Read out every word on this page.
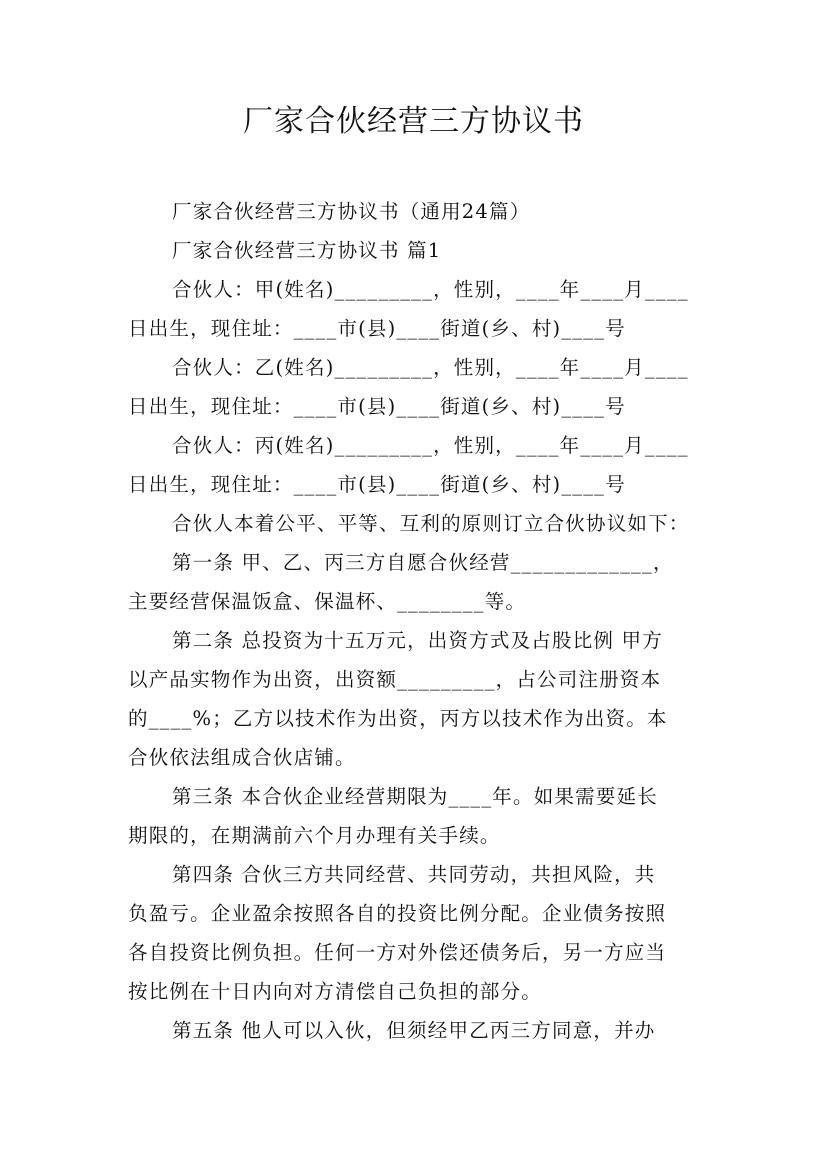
厂家合伙经营三方协议书
厂家合伙经营三方协议书（通用24篇）
厂家合伙经营三方协议书 篇1
合伙人：甲(姓名)_________，性别，____年____月____
日出生，现住址：____市(县)____街道(乡、村)____号
合伙人：乙(姓名)_________，性别，____年____月____
日出生，现住址：____市(县)____街道(乡、村)____号
合伙人：丙(姓名)_________，性别，____年____月____
日出生，现住址：____市(县)____街道(乡、村)____号
合伙人本着公平、平等、互利的原则订立合伙协议如下：
第一条 甲、乙、丙三方自愿合伙经营_____________，
主要经营保温饭盒、保温杯、________等。
第二条 总投资为十五万元，出资方式及占股比例 甲方
以产品实物作为出资，出资额_________，占公司注册资本
的____%；乙方以技术作为出资，丙方以技术作为出资。本
合伙依法组成合伙店铺。
第三条 本合伙企业经营期限为____年。如果需要延长
期限的，在期满前六个月办理有关手续。
第四条 合伙三方共同经营、共同劳动，共担风险，共
负盈亏。企业盈余按照各自的投资比例分配。企业债务按照
各自投资比例负担。任何一方对外偿还债务后，另一方应当
按比例在十日内向对方清偿自己负担的部分。
第五条 他人可以入伙，但须经甲乙丙三方同意，并办
